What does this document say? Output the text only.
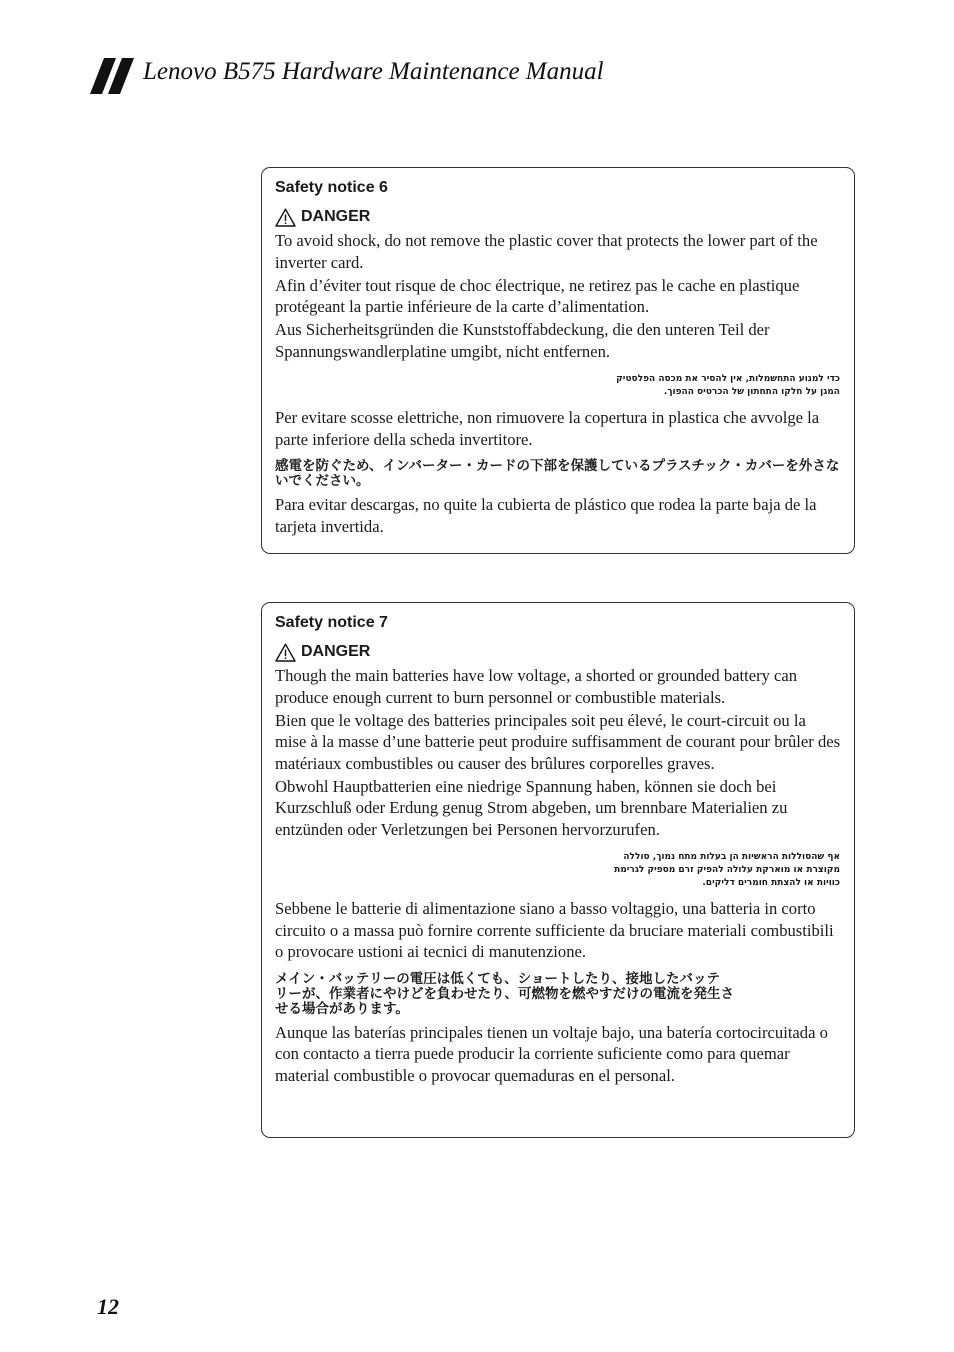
Lenovo B575 Hardware Maintenance Manual
Safety notice 6
DANGER

To avoid shock, do not remove the plastic cover that protects the lower part of the inverter card.

Afin d’éviter tout risque de choc électrique, ne retirez pas le cache en plastique protégeant la partie inférieure de la carte d’alimentation.

Aus Sicherheitsgründen die Kunststoffabdeckung, die den unteren Teil der Spannungswandlerplatine umgibt, nicht entfernen.

כדי למנוע התחשמלות, אין להסיר את מכסה הפלסטיק
המגן על חלקו התחתון של הכרטיס ההפוך.

Per evitare scosse elettriche, non rimuovere la copertura in plastica che avvolge la parte inferiore della scheda invertitore.

感電を防ぐため、インバーター・カードの下部を保護しているプラスチック・カバーを外さないでください。

Para evitar descargas, no quite la cubierta de plástico que rodea la parte baja de la tarjeta invertida.

Safety notice 7
DANGER

Though the main batteries have low voltage, a shorted or grounded battery can produce enough current to burn personnel or combustible materials.

Bien que le voltage des batteries principales soit peu élevé, le court-circuit ou la mise à la masse d’une batterie peut produire suffisamment de courant pour brûler des matériaux combustibles ou causer des brûlures corporelles graves.

Obwohl Hauptbatterien eine niedrige Spannung haben, können sie doch bei Kurzschluß oder Erdung genug Strom abgeben, um brennbare Materialien zu entzünden oder Verletzungen bei Personen hervorzurufen.

אף שהסוללות הראשיות הן בעלות מתח נמוך, סוללה
מקוצרת או מוארקת עלולה להפיק זרם מספיק לגרימת
כוויות או להצתת חומרים דליקים.

Sebbene le batterie di alimentazione siano a basso voltaggio, una batteria in corto circuito o a massa può fornire corrente sufficiente da bruciare materiali combustibili o provocare ustioni ai tecnici di manutenzione.

メイン・バッテリーの電圧は低くても、ショートしたり、接地したバッテ
リーが、作業者にやけどを負わせたり、可燃物を燃やすだけの電流を発生さ
せる場合があります。

Aunque las baterías principales tienen un voltaje bajo, una batería cortocircuitada o con contacto a tierra puede producir la corriente suficiente como para quemar material combustible o provocar quemaduras en el personal.

12
